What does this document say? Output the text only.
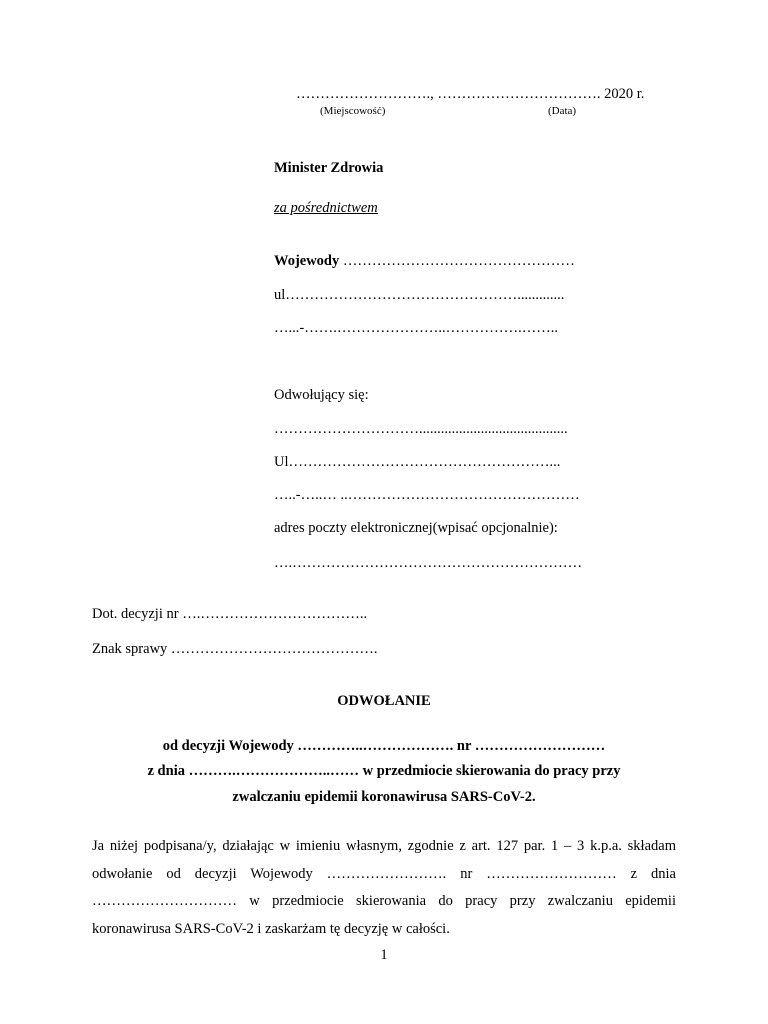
………………………., ……………………………. 2020 r.
(Miejscowość)	(Data)
Minister Zdrowia
za pośrednictwem
Wojewody …………………………………………
ul………………………………………….............
…...-…….…………………..…………….……..
Odwołujący się:
………………………….........................................
Ul………………………………………………...
…..-…..… ..…………………………………………
adres poczty elektronicznej(wpisać opcjonalnie):
….……………………………………………………
Dot. decyzji nr ….……………………………..
Znak sprawy …………………………………….
ODWOŁANIE
od decyzji Wojewody …………..………………. nr ………………………
z dnia ……….………………..…… w przedmiocie skierowania do pracy przy
zwalczaniu epidemii koronawirusa SARS-CoV-2.
Ja niżej podpisana/y, działając w imieniu własnym, zgodnie z art. 127 par. 1 – 3 k.p.a. składam odwołanie od decyzji Wojewody ……………………. nr ……………………… z dnia ………………………… w przedmiocie skierowania do pracy przy zwalczaniu epidemii koronawirusa SARS-CoV-2 i zaskarżam tę decyzję w całości.
1
